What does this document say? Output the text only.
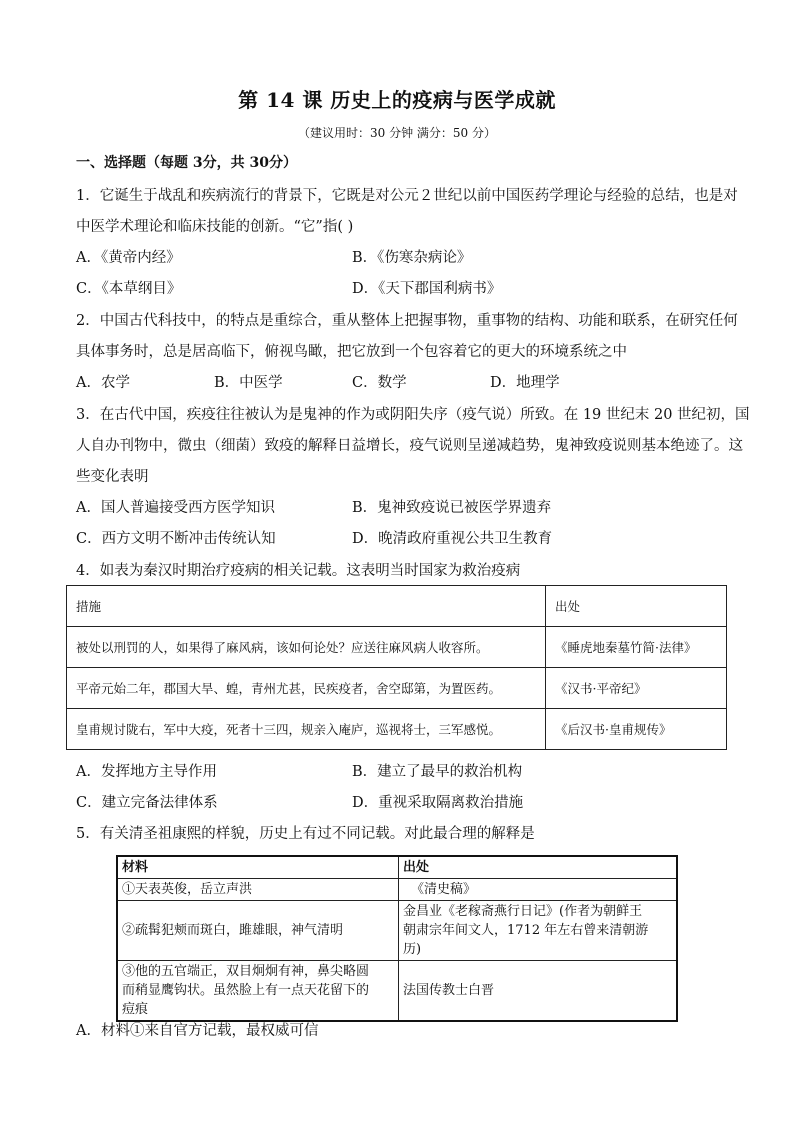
第 14 课 历史上的疫病与医学成就
（建议用时：30 分钟 满分：50 分）
一、选择题（每题 3分，共 30分）
1．它诞生于战乱和疾病流行的背景下，它既是对公元２世纪以前中国医药学理论与经验的总结，也是对
中医学术理论和临床技能的创新。“它”指( )
A．《黄帝内经》	B．《伤寒杂病论》
C．《本草纲目》	D．《天下郡国利病书》
2．中国古代科技中，的特点是重综合，重从整体上把握事物，重事物的结构、功能和联系，在研究任何
具体事务时，总是居高临下，俯视鸟瞰，把它放到一个包容着它的更大的环境系统之中
A．农学	B．中医学	C．数学	D．地理学
3．在古代中国，疾疫往往被认为是鬼神的作为或阴阳失序（疫气说）所致。在 19 世纪末 20 世纪初，国
人自办刊物中，微虫（细菌）致疫的解释日益增长，疫气说则呈递减趋势，鬼神致疫说则基本绝迹了。这
些变化表明
A．国人普遍接受西方医学知识	B．鬼神致疫说已被医学界遗弃
C．西方文明不断冲击传统认知	D．晚清政府重视公共卫生教育
4．如表为秦汉时期治疗疫病的相关记载。这表明当时国家为救治疫病
措施	出处
被处以刑罚的人，如果得了麻风病，该如何论处？应送往麻风病人收容所。	《睡虎地秦墓竹简·法律》
平帝元始二年，郡国大旱、蝗，青州尤甚，民疾疫者，舍空邸第，为置医药。	《汉书·平帝纪》
皇甫规讨陇右，军中大疫，死者十三四，规亲入庵庐，巡视将士，三军感悦。	《后汉书·皇甫规传》
A．发挥地方主导作用	B．建立了最早的救治机构
C．建立完备法律体系	D．重视采取隔离救治措施
5．有关清圣祖康熙的样貌，历史上有过不同记载。对此最合理的解释是
材料	出处

①天表英俊，岳立声洪	《清史稿》

②疏髯犯颊而斑白，雎雄眼，神气清明	金昌业《老稼斋燕行日记》(作者为朝鲜王
朝肃宗年间文人，1712 年左右曾来清朝游
历)

③他的五官端正，双目炯炯有神，鼻尖略圆
而稍显鹰钩状。虽然脸上有一点天花留下的
痘痕	法国传教士白晋
A．材料①来自官方记载，最权威可信
